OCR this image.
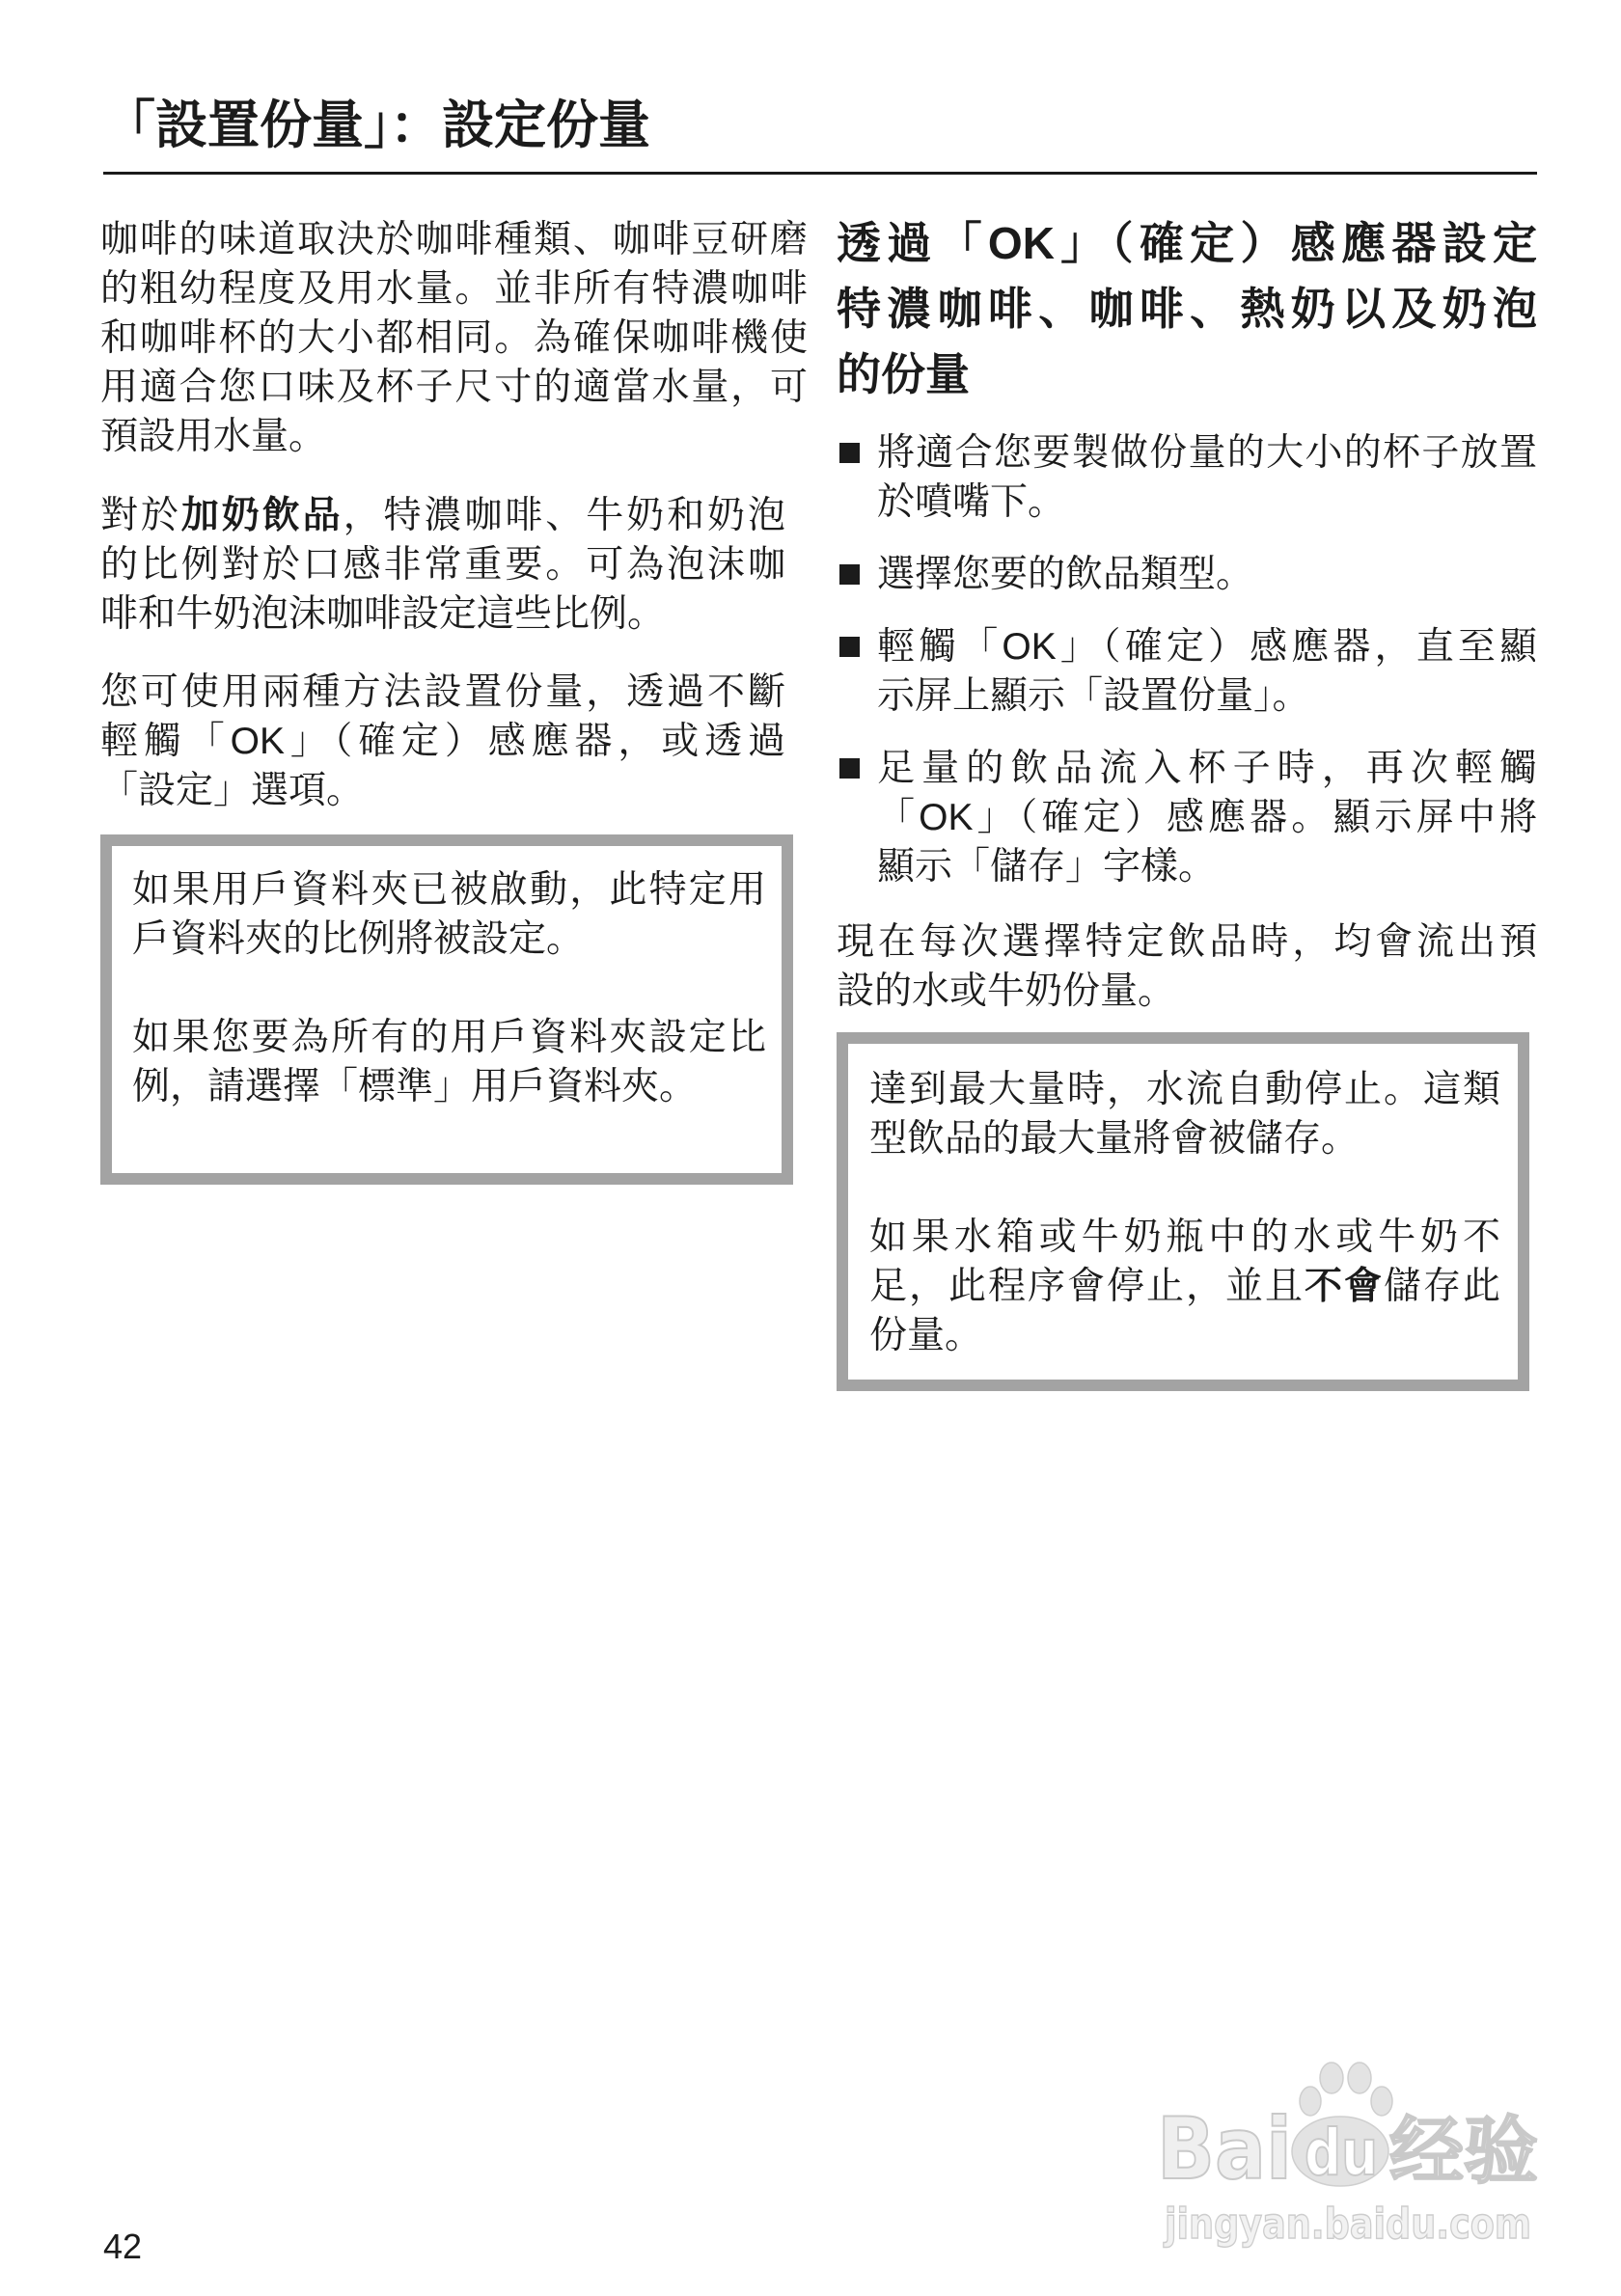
「設置份量」：設定份量
咖啡的味道取決於咖啡種類、咖啡豆研磨
的粗幼程度及用水量。並非所有特濃咖啡
和咖啡杯的大小都相同。為確保咖啡機使
用適合您口味及杯子尺寸的適當水量，可
預設用水量。
對於加奶飲品，特濃咖啡、牛奶和奶泡
的比例對於口感非常重要。可為泡沫咖
啡和牛奶泡沫咖啡設定這些比例。
您可使用兩種方法設置份量，透過不斷
輕觸「OK」（確定）感應器，或透過
「設定」選項。
如果用戶資料夾已被啟動，此特定用
戶資料夾的比例將被設定。
如果您要為所有的用戶資料夾設定比
例，請選擇「標準」用戶資料夾。
透過「OK」（確定）感應器設定
特濃咖啡、咖啡、熱奶以及奶泡
的份量
將適合您要製做份量的大小的杯子放置
於噴嘴下。
選擇您要的飲品類型。
輕觸「OK」（確定）感應器，直至顯
示屏上顯示「設置份量」。
足量的飲品流入杯子時，再次輕觸
「OK」（確定）感應器。顯示屏中將
顯示「儲存」字樣。
現在每次選擇特定飲品時，均會流出預
設的水或牛奶份量。
達到最大量時，水流自動停止。這類
型飲品的最大量將會被儲存。
如果水箱或牛奶瓶中的水或牛奶不
足，此程序會停止，並且不會儲存此
份量。
42
Bai du 经验
jingyan.baidu.com
